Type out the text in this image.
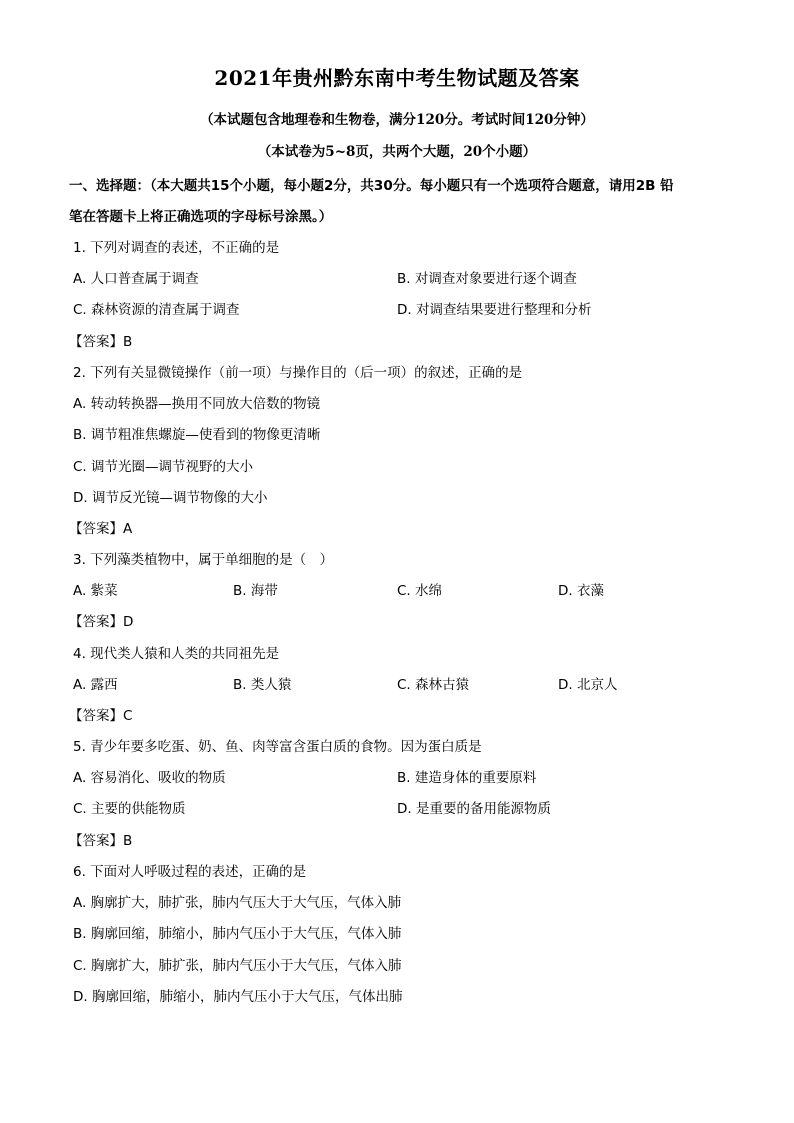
2021年贵州黔东南中考生物试题及答案
（本试题包含地理卷和生物卷，满分120分。考试时间120分钟）
（本试卷为5~8页，共两个大题，20个小题）
一、选择题：（本大题共15个小题，每小题2分，共30分。每小题只有一个选项符合题意，请用2B 铅
笔在答题卡上将正确选项的字母标号涂黑。）
1. 下列对调查的表述，不正确的是
A. 人口普查属于调查	B. 对调查对象要进行逐个调查
C. 森林资源的清查属于调查	D. 对调查结果要进行整理和分析
【答案】B
2. 下列有关显微镜操作（前一项）与操作目的（后一项）的叙述，正确的是
A. 转动转换器—换用不同放大倍数的物镜
B. 调节粗准焦螺旋—使看到的物像更清晰
C. 调节光圈—调节视野的大小
D. 调节反光镜—调节物像的大小
【答案】A
3. 下列藻类植物中，属于单细胞的是（　）
A. 紫菜	B. 海带	C. 水绵	D. 衣藻
【答案】D
4. 现代类人猿和人类的共同祖先是
A. 露西	B. 类人猿	C. 森林古猿	D. 北京人
【答案】C
5. 青少年要多吃蛋、奶、鱼、肉等富含蛋白质的食物。因为蛋白质是
A. 容易消化、吸收的物质	B. 建造身体的重要原料
C. 主要的供能物质	D. 是重要的备用能源物质
【答案】B
6. 下面对人呼吸过程的表述，正确的是
A. 胸廓扩大，肺扩张，肺内气压大于大气压，气体入肺
B. 胸廓回缩，肺缩小，肺内气压小于大气压，气体入肺
C. 胸廓扩大，肺扩张，肺内气压小于大气压，气体入肺
D. 胸廓回缩，肺缩小，肺内气压小于大气压，气体出肺
